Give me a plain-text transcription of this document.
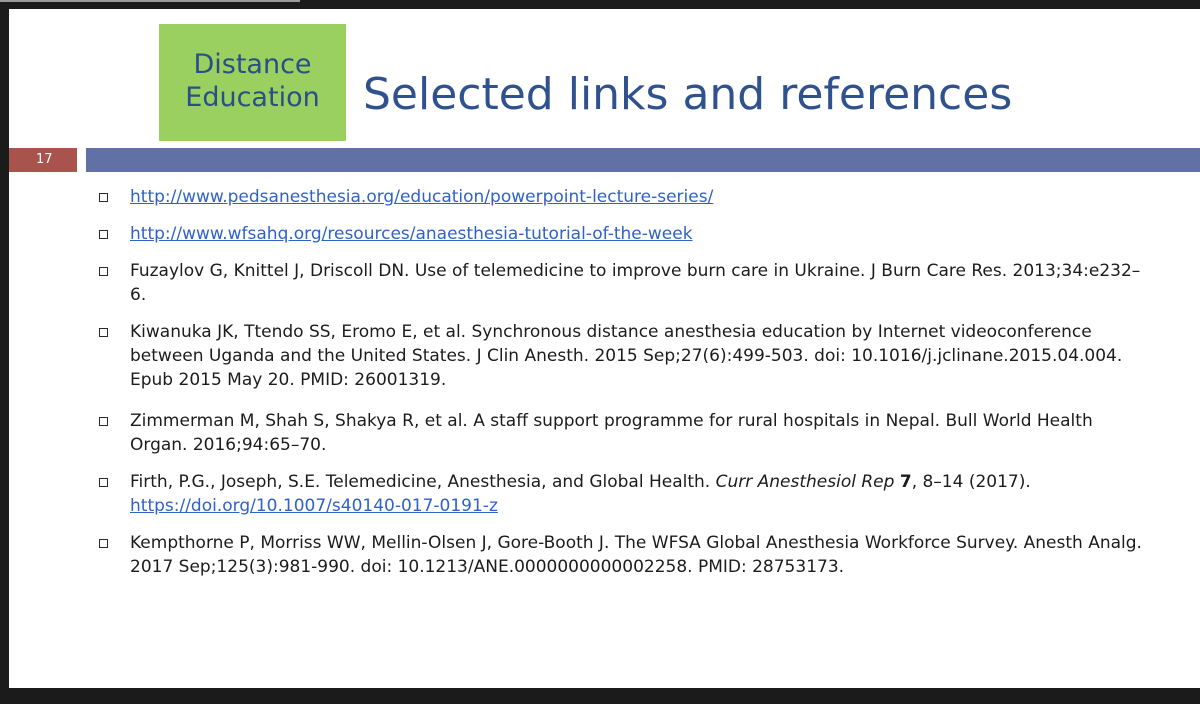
Distance
Education Selected links and references
17
http://www.pedsanesthesia.org/education/powerpoint-lecture-series/
http://www.wfsahq.org/resources/anaesthesia-tutorial-of-the-week
Fuzaylov G, Knittel J, Driscoll DN. Use of telemedicine to improve burn care in Ukraine. J Burn Care Res. 2013;34:e232–6.
Kiwanuka JK, Ttendo SS, Eromo E, et al. Synchronous distance anesthesia education by Internet videoconference between Uganda and the United States. J Clin Anesth. 2015 Sep;27(6):499-503. doi: 10.1016/j.jclinane.2015.04.004. Epub 2015 May 20. PMID: 26001319.
Zimmerman M, Shah S, Shakya R, et al. A staff support programme for rural hospitals in Nepal. Bull World Health Organ. 2016;94:65–70.
Firth, P.G., Joseph, S.E. Telemedicine, Anesthesia, and Global Health. Curr Anesthesiol Rep 7, 8–14 (2017).
https://doi.org/10.1007/s40140-017-0191-z
Kempthorne P, Morriss WW, Mellin-Olsen J, Gore-Booth J. The WFSA Global Anesthesia Workforce Survey. Anesth Analg. 2017 Sep;125(3):981-990. doi: 10.1213/ANE.0000000000002258. PMID: 28753173.
